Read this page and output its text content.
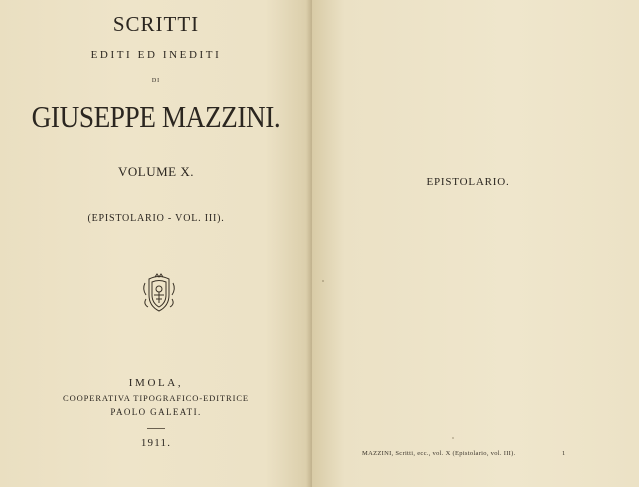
SCRITTI
EDITI ED INEDITI
DI
GIUSEPPE MAZZINI.
VOLUME X.
(EPISTOLARIO - VOL. III).
IMOLA,
COOPERATIVA TIPOGRAFICO-EDITRICE
PAOLO GALEATI.
1911.
EPISTOLARIO.
MAZZINI, Scritti, ecc., vol. X (Epistolario, vol. III).	1
